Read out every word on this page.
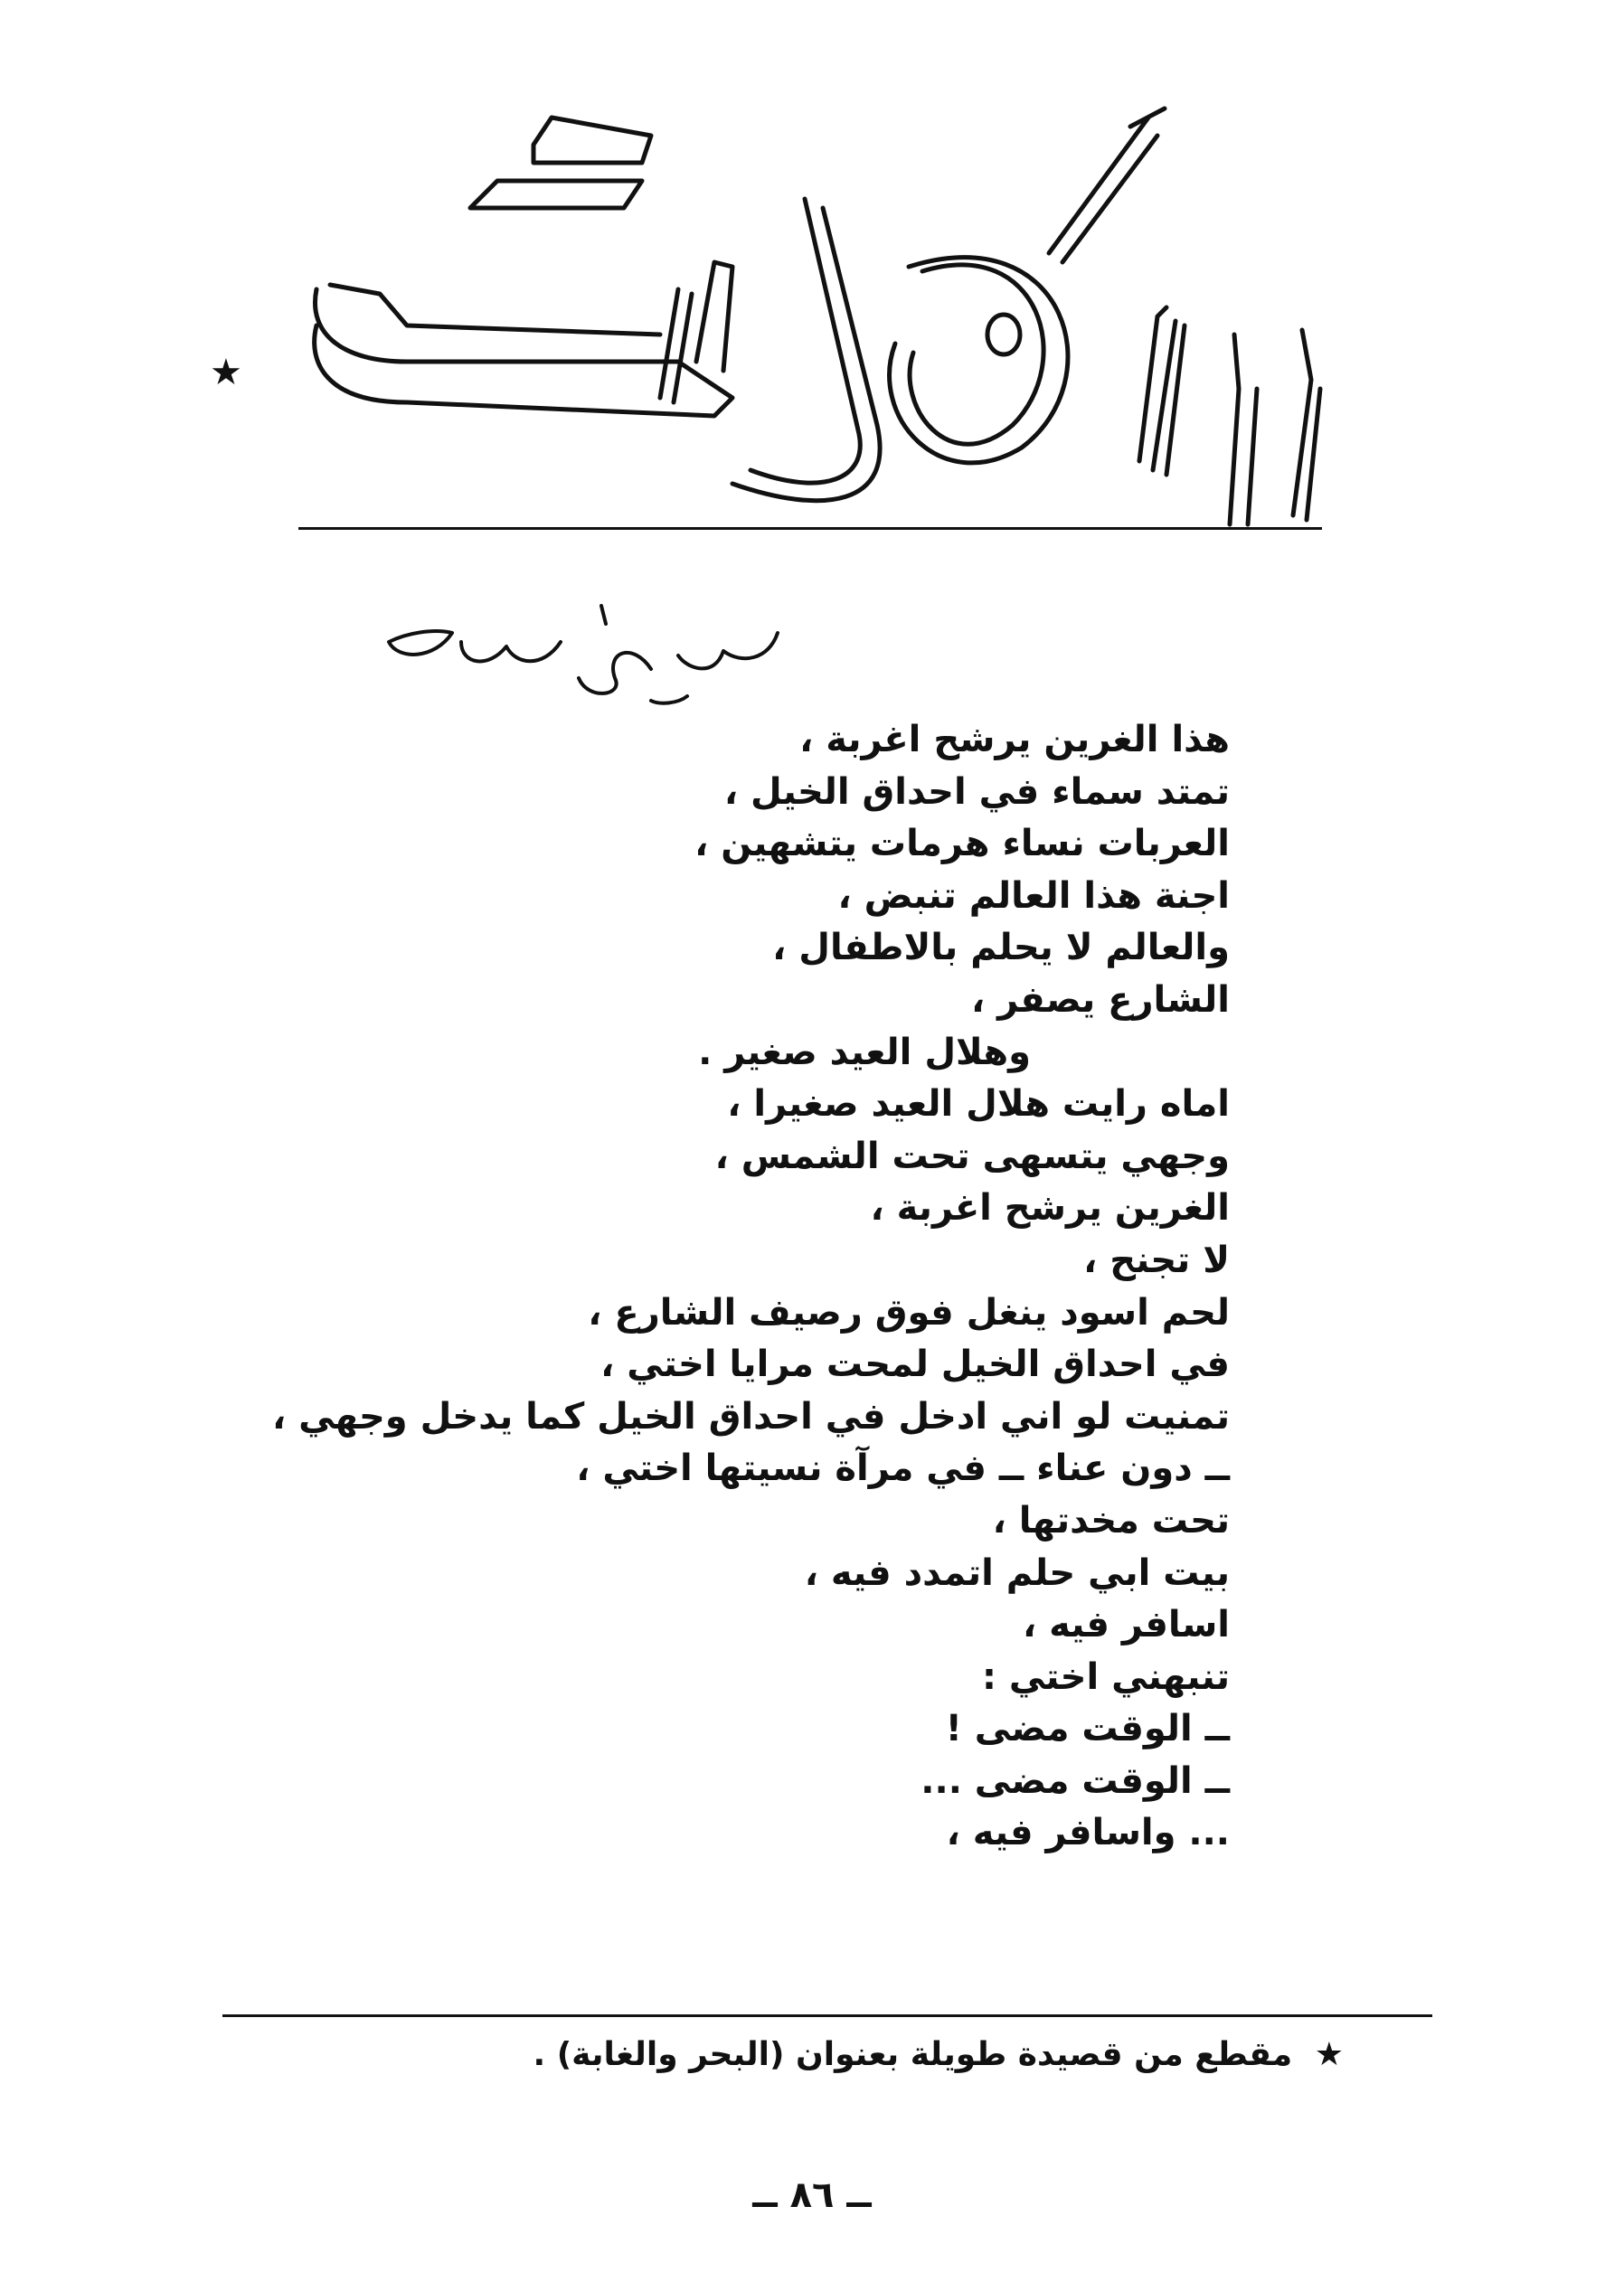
★
هذا الغرين يرشح اغربة ،
تمتد سماء في احداق الخيل ،
العربات نساء هرمات يتشهين ،
اجنة هذا العالم تنبض ،
والعالم لا يحلم بالاطفال ،
الشارع يصفر ،
وهلال العيد صغير .
اماه رايت هلال العيد صغيرا ،
وجهي يتسهى تحت الشمس ،
الغرين يرشح اغربة ،
لا تجنح ،
لحم اسود ينغل فوق رصيف الشارع ،
في احداق الخيل لمحت مرايا اختي ،
تمنيت لو اني ادخل في احداق الخيل كما يدخل وجهي ،
ــ دون عناء ــ في مرآة نسيتها اختي ،
تحت مخدتها ،
بيت ابي حلم اتمدد فيه ،
اسافر فيه ،
تنبهني اختي :
ــ الوقت مضى !
ــ الوقت مضى ...
... واسافر فيه ،
★ مقطع من قصيدة طويلة بعنوان (البحر والغابة) .
ــ ٨٦ ــ
